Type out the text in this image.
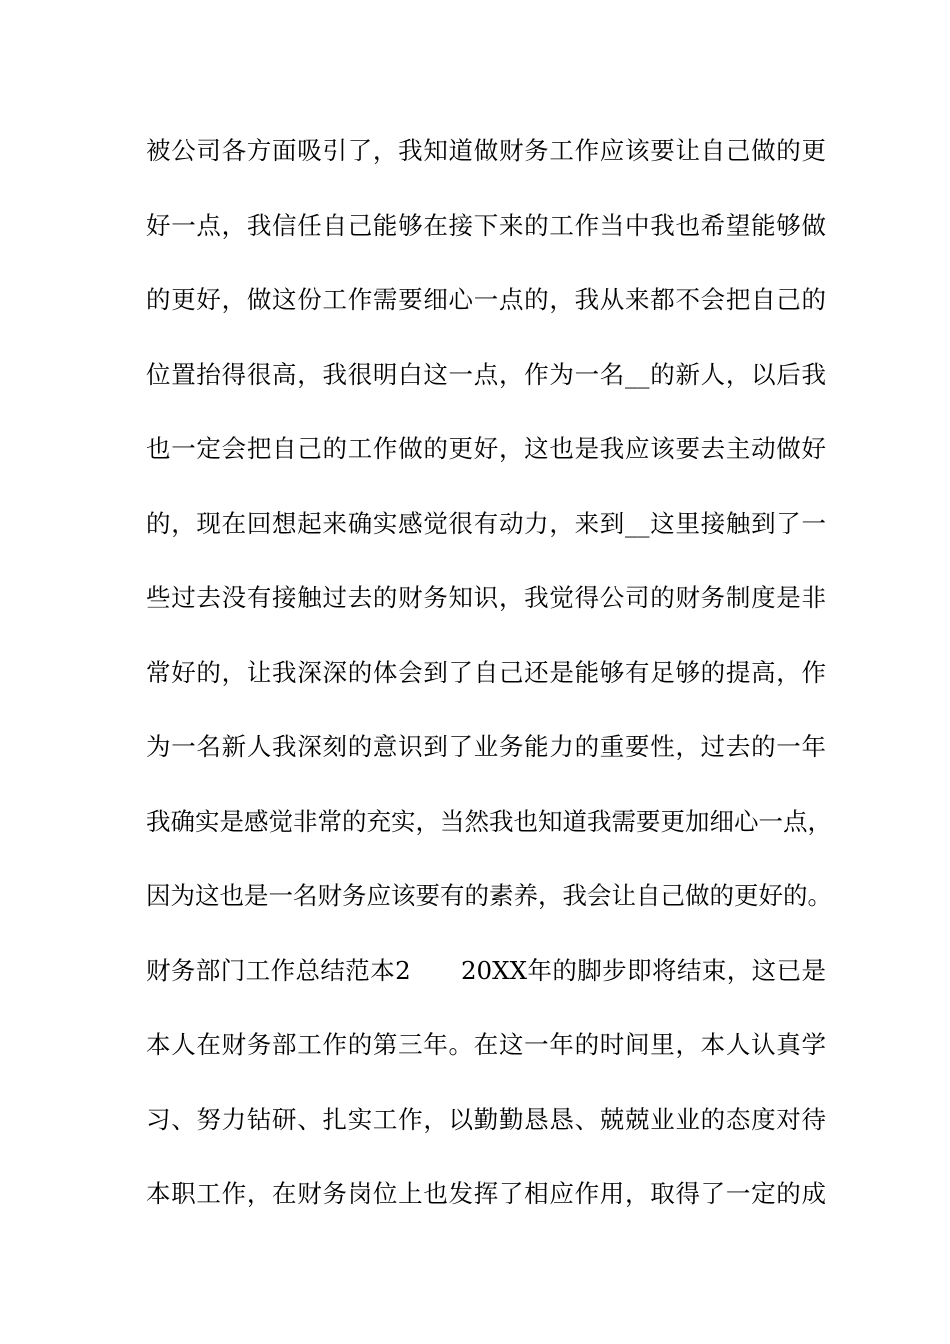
被公司各方面吸引了，我知道做财务工作应该要让自己做的更
好一点，我信任自己能够在接下来的工作当中我也希望能够做
的更好，做这份工作需要细心一点的，我从来都不会把自己的
位置抬得很高，我很明白这一点，作为一名__的新人，以后我
也一定会把自己的工作做的更好，这也是我应该要去主动做好
的，现在回想起来确实感觉很有动力，来到__这里接触到了一
些过去没有接触过去的财务知识，我觉得公司的财务制度是非
常好的，让我深深的体会到了自己还是能够有足够的提高，作
为一名新人我深刻的意识到了业务能力的重要性，过去的一年
我确实是感觉非常的充实，当然我也知道我需要更加细心一点，
因为这也是一名财务应该要有的素养，我会让自己做的更好的。
财务部门工作总结范本2　　20XX年的脚步即将结束，这已是
本人在财务部工作的第三年。在这一年的时间里，本人认真学
习、努力钻研、扎实工作，以勤勤恳恳、兢兢业业的态度对待
本职工作，在财务岗位上也发挥了相应作用，取得了一定的成
